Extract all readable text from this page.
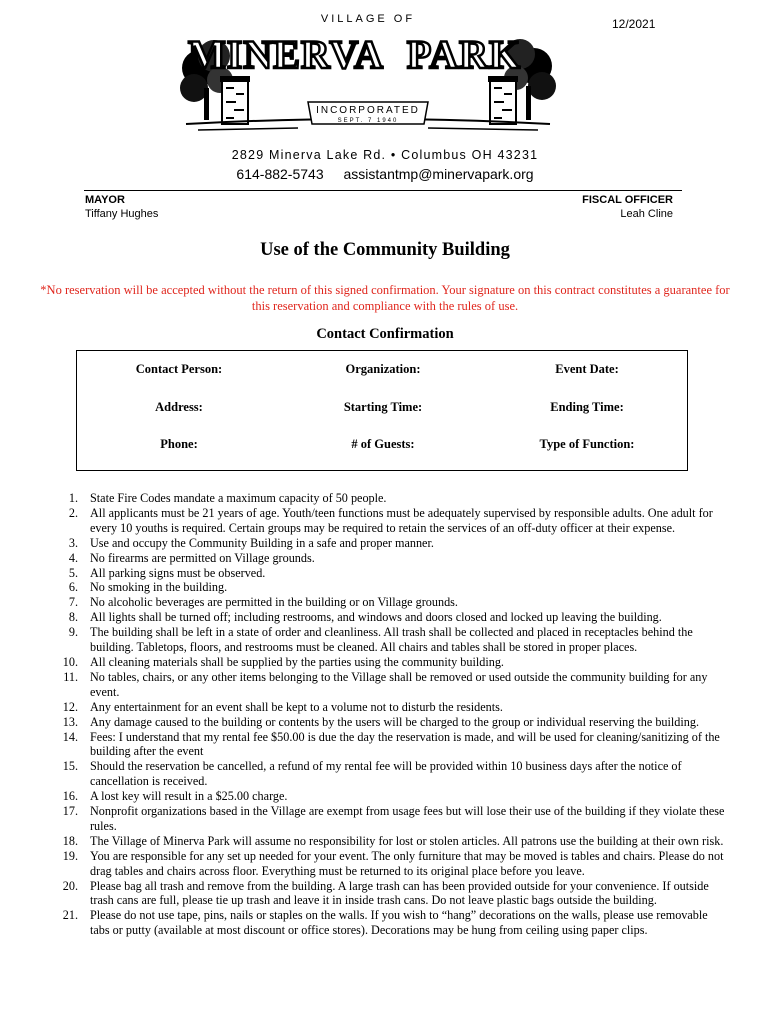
VILLAGE OF
MINERVA PARK
INCORPORATED
SEPT. 7 1940
12/2021
2829 Minerva Lake Rd. • Columbus OH 43231
614-882-5743 assistantmp@minervapark.org
MAYOR
Tiffany Hughes
FISCAL OFFICER
Leah Cline
Use of the Community Building
*No reservation will be accepted without the return of this signed confirmation. Your signature on this contract constitutes a guarantee for this reservation and compliance with the rules of use.
Contact Confirmation
Contact Person:	Organization:	Event Date:
Address:	Starting Time:	Ending Time:
Phone:	# of Guests:	Type of Function:
1. State Fire Codes mandate a maximum capacity of 50 people.
2. All applicants must be 21 years of age. Youth/teen functions must be adequately supervised by responsible adults. One adult for every 10 youths is required. Certain groups may be required to retain the services of an off-duty officer at their expense.
3. Use and occupy the Community Building in a safe and proper manner.
4. No firearms are permitted on Village grounds.
5. All parking signs must be observed.
6. No smoking in the building.
7. No alcoholic beverages are permitted in the building or on Village grounds.
8. All lights shall be turned off; including restrooms, and windows and doors closed and locked up leaving the building.
9. The building shall be left in a state of order and cleanliness. All trash shall be collected and placed in receptacles behind the building. Tabletops, floors, and restrooms must be cleaned. All chairs and tables shall be stored in proper places.
10. All cleaning materials shall be supplied by the parties using the community building.
11. No tables, chairs, or any other items belonging to the Village shall be removed or used outside the community building for any event.
12. Any entertainment for an event shall be kept to a volume not to disturb the residents.
13. Any damage caused to the building or contents by the users will be charged to the group or individual reserving the building.
14. Fees: I understand that my rental fee $50.00 is due the day the reservation is made, and will be used for cleaning/sanitizing of the building after the event
15. Should the reservation be cancelled, a refund of my rental fee will be provided within 10 business days after the notice of cancellation is received.
16. A lost key will result in a $25.00 charge.
17. Nonprofit organizations based in the Village are exempt from usage fees but will lose their use of the building if they violate these rules.
18. The Village of Minerva Park will assume no responsibility for lost or stolen articles. All patrons use the building at their own risk.
19. You are responsible for any set up needed for your event. The only furniture that may be moved is tables and chairs. Please do not drag tables and chairs across floor. Everything must be returned to its original place before you leave.
20. Please bag all trash and remove from the building. A large trash can has been provided outside for your convenience. If outside trash cans are full, please tie up trash and leave it in inside trash cans. Do not leave plastic bags outside the building.
21. Please do not use tape, pins, nails or staples on the walls. If you wish to “hang” decorations on the walls, please use removable tabs or putty (available at most discount or office stores). Decorations may be hung from ceiling using paper clips.
